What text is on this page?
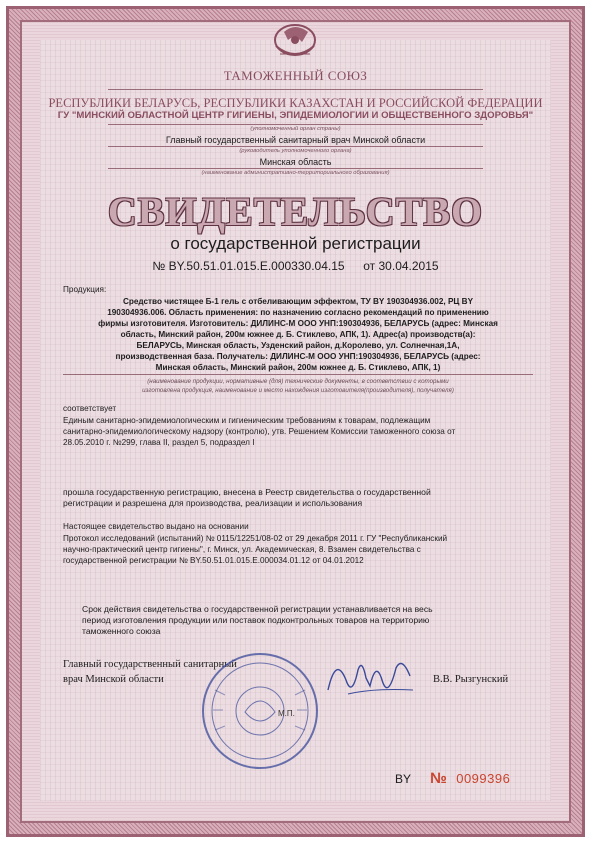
ТАМОЖЕННЫЙ СОЮЗ
РЕСПУБЛИКИ БЕЛАРУСЬ, РЕСПУБЛИКИ КАЗАХСТАН И РОССИЙСКОЙ ФЕДЕРАЦИИ
ГУ "МИНСКИЙ ОБЛАСТНОЙ ЦЕНТР ГИГИЕНЫ, ЭПИДЕМИОЛОГИИ И ОБЩЕСТВЕННОГО ЗДОРОВЬЯ"
(уполномоченный орган страны)
Главный государственный санитарный врач Минской области
(руководитель уполномоченного органа)
Минская область
(наименование административно-территориального образования)
СВИДЕТЕЛЬСТВО
о государственной регистрации
№ BY.50.51.01.015.Е.000330.04.15 от 30.04.2015
Продукция:
Средство чистящее Б-1 гель с отбеливающим эффектом, ТУ BY 190304936.002, РЦ BY
190304936.006. Область применения: по назначению согласно рекомендаций по применению
фирмы изготовителя. Изготовитель: ДИЛИНС-М ООО УНП:190304936, БЕЛАРУСЬ (адрес: Минская
область, Минский район, 200м южнее д. Б. Стиклево, АПК, 1). Адрес(а) производств(а):
БЕЛАРУСЬ, Минская область, Узденский район, д.Королево, ул. Солнечная,1А,
производственная база. Получатель: ДИЛИНС-М ООО УНП:190304936, БЕЛАРУСЬ (адрес:
Минская область, Минский район, 200м южнее д. Б. Стиклево, АПК, 1)
(наименование продукции, нормативные (для) технические документы, в соответствии с которыми
изготовлена продукция, наименование и место нахождения изготовителя(производителя), получателя)
соответствует
Единым санитарно-эпидемиологическим и гигиеническим требованиям к товарам, подлежащим
санитарно-эпидемиологическому надзору (контролю), утв. Решением Комиссии таможенного союза от
28.05.2010 г. №299, глава II, раздел 5, подраздел I
прошла государственную регистрацию, внесена в Реестр свидетельства о государственной
регистрации и разрешена для производства, реализации и использования
Настоящее свидетельство выдано на основании
Протокол исследований (испытаний) № 0115/12251/08-02 от 29 декабря 2011 г. ГУ "Республиканский
научно-практический центр гигиены", г. Минск, ул. Академическая, 8. Взамен свидетельства с
государственной регистрации № BY.50.51.01.015.Е.000034.01.12 от 04.01.2012
Срок действия свидетельства о государственной регистрации устанавливается на весь
период изготовления продукции или поставок подконтрольных товаров на территорию
таможенного союза
Главный государственный санитарный
врач Минской области	В.В. Рызгунский
М.П.
BY № 0099396
